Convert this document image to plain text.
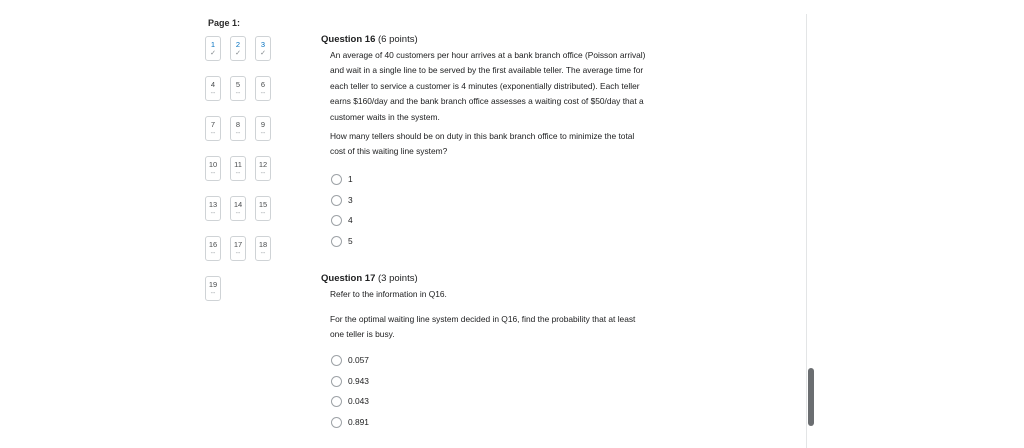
Page 1:
1
✓
2
✓
3
✓
4
--
5
--
6
--
7
--
8
--
9
--
10
--
11
--
12
--
13
--
14
--
15
--
16
--
17
--
18
--
19
--
Question 16 (6 points)
An average of 40 customers per hour arrives at a bank branch office (Poisson arrival)
and wait in a single line to be served by the first available teller. The average time for
each teller to service a customer is 4 minutes (exponentially distributed). Each teller
earns $160/day and the bank branch office assesses a waiting cost of $50/day that a
customer waits in the system.
How many tellers should be on duty in this bank branch office to minimize the total
cost of this waiting line system?
1
3
4
5
Question 17 (3 points)
Refer to the information in Q16.
For the optimal waiting line system decided in Q16, find the probability that at least
one teller is busy.
0.057
0.943
0.043
0.891
